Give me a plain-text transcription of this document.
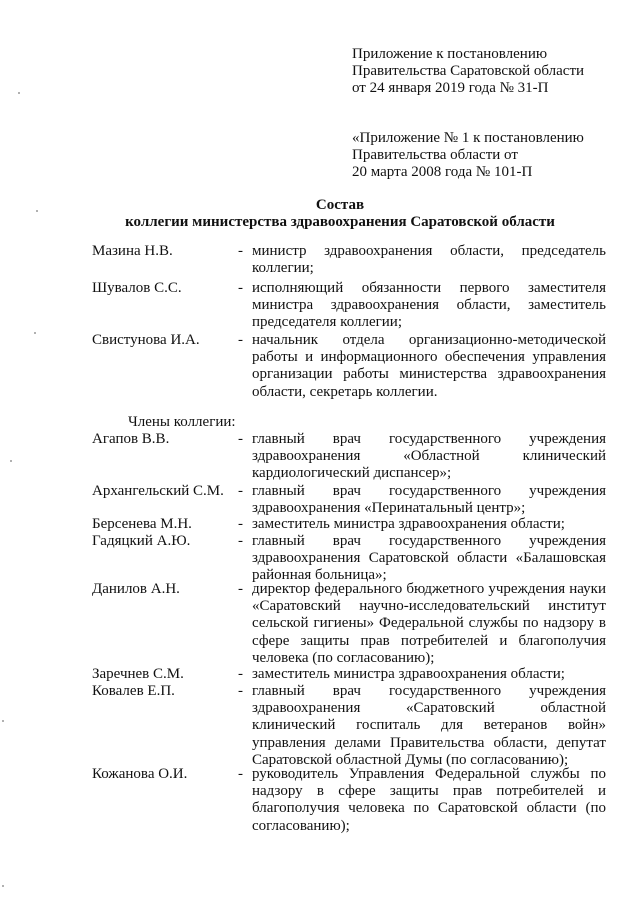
Приложение к постановлению
Правительства Саратовской области
от 24 января 2019 года № 31-П
«Приложение № 1 к постановлению
Правительства области от
20 марта 2008 года № 101-П
Состав
коллегии министерства здравоохранения Саратовской области
Мазина Н.В.	- министр здравоохранения области, председатель коллегии;
Шувалов С.С.	- исполняющий обязанности первого заместителя министра здравоохранения области, заместитель председателя коллегии;
Свистунова И.А.	- начальник отдела организационно-методической работы и информационного обеспечения управления организации работы министерства здравоохранения области, секретарь коллегии.
Члены коллегии:
Агапов В.В.	- главный врач государственного учреждения здравоохранения «Областной клинический кардиологический диспансер»;
Архангельский С.М. - главный врач государственного учреждения здравоохранения «Перинатальный центр»;
Берсенева М.Н.	- заместитель министра здравоохранения области;
Гадяцкий А.Ю.	- главный врач государственного учреждения здравоохранения Саратовской области «Балашовская районная больница»;
Данилов А.Н.	- директор федерального бюджетного учреждения науки «Саратовский научно-исследовательский институт сельской гигиены» Федеральной службы по надзору в сфере защиты прав потребителей и благополучия человека (по согласованию);
Заречнев С.М.	- заместитель министра здравоохранения области;
Ковалев Е.П.	- главный врач государственного учреждения здравоохранения «Саратовский областной клинический госпиталь для ветеранов войн» управления делами Правительства области, депутат Саратовской областной Думы (по согласованию);
Кожанова О.И.	- руководитель Управления Федеральной службы по надзору в сфере защиты прав потребителей и благополучия человека по Саратовской области (по согласованию);
